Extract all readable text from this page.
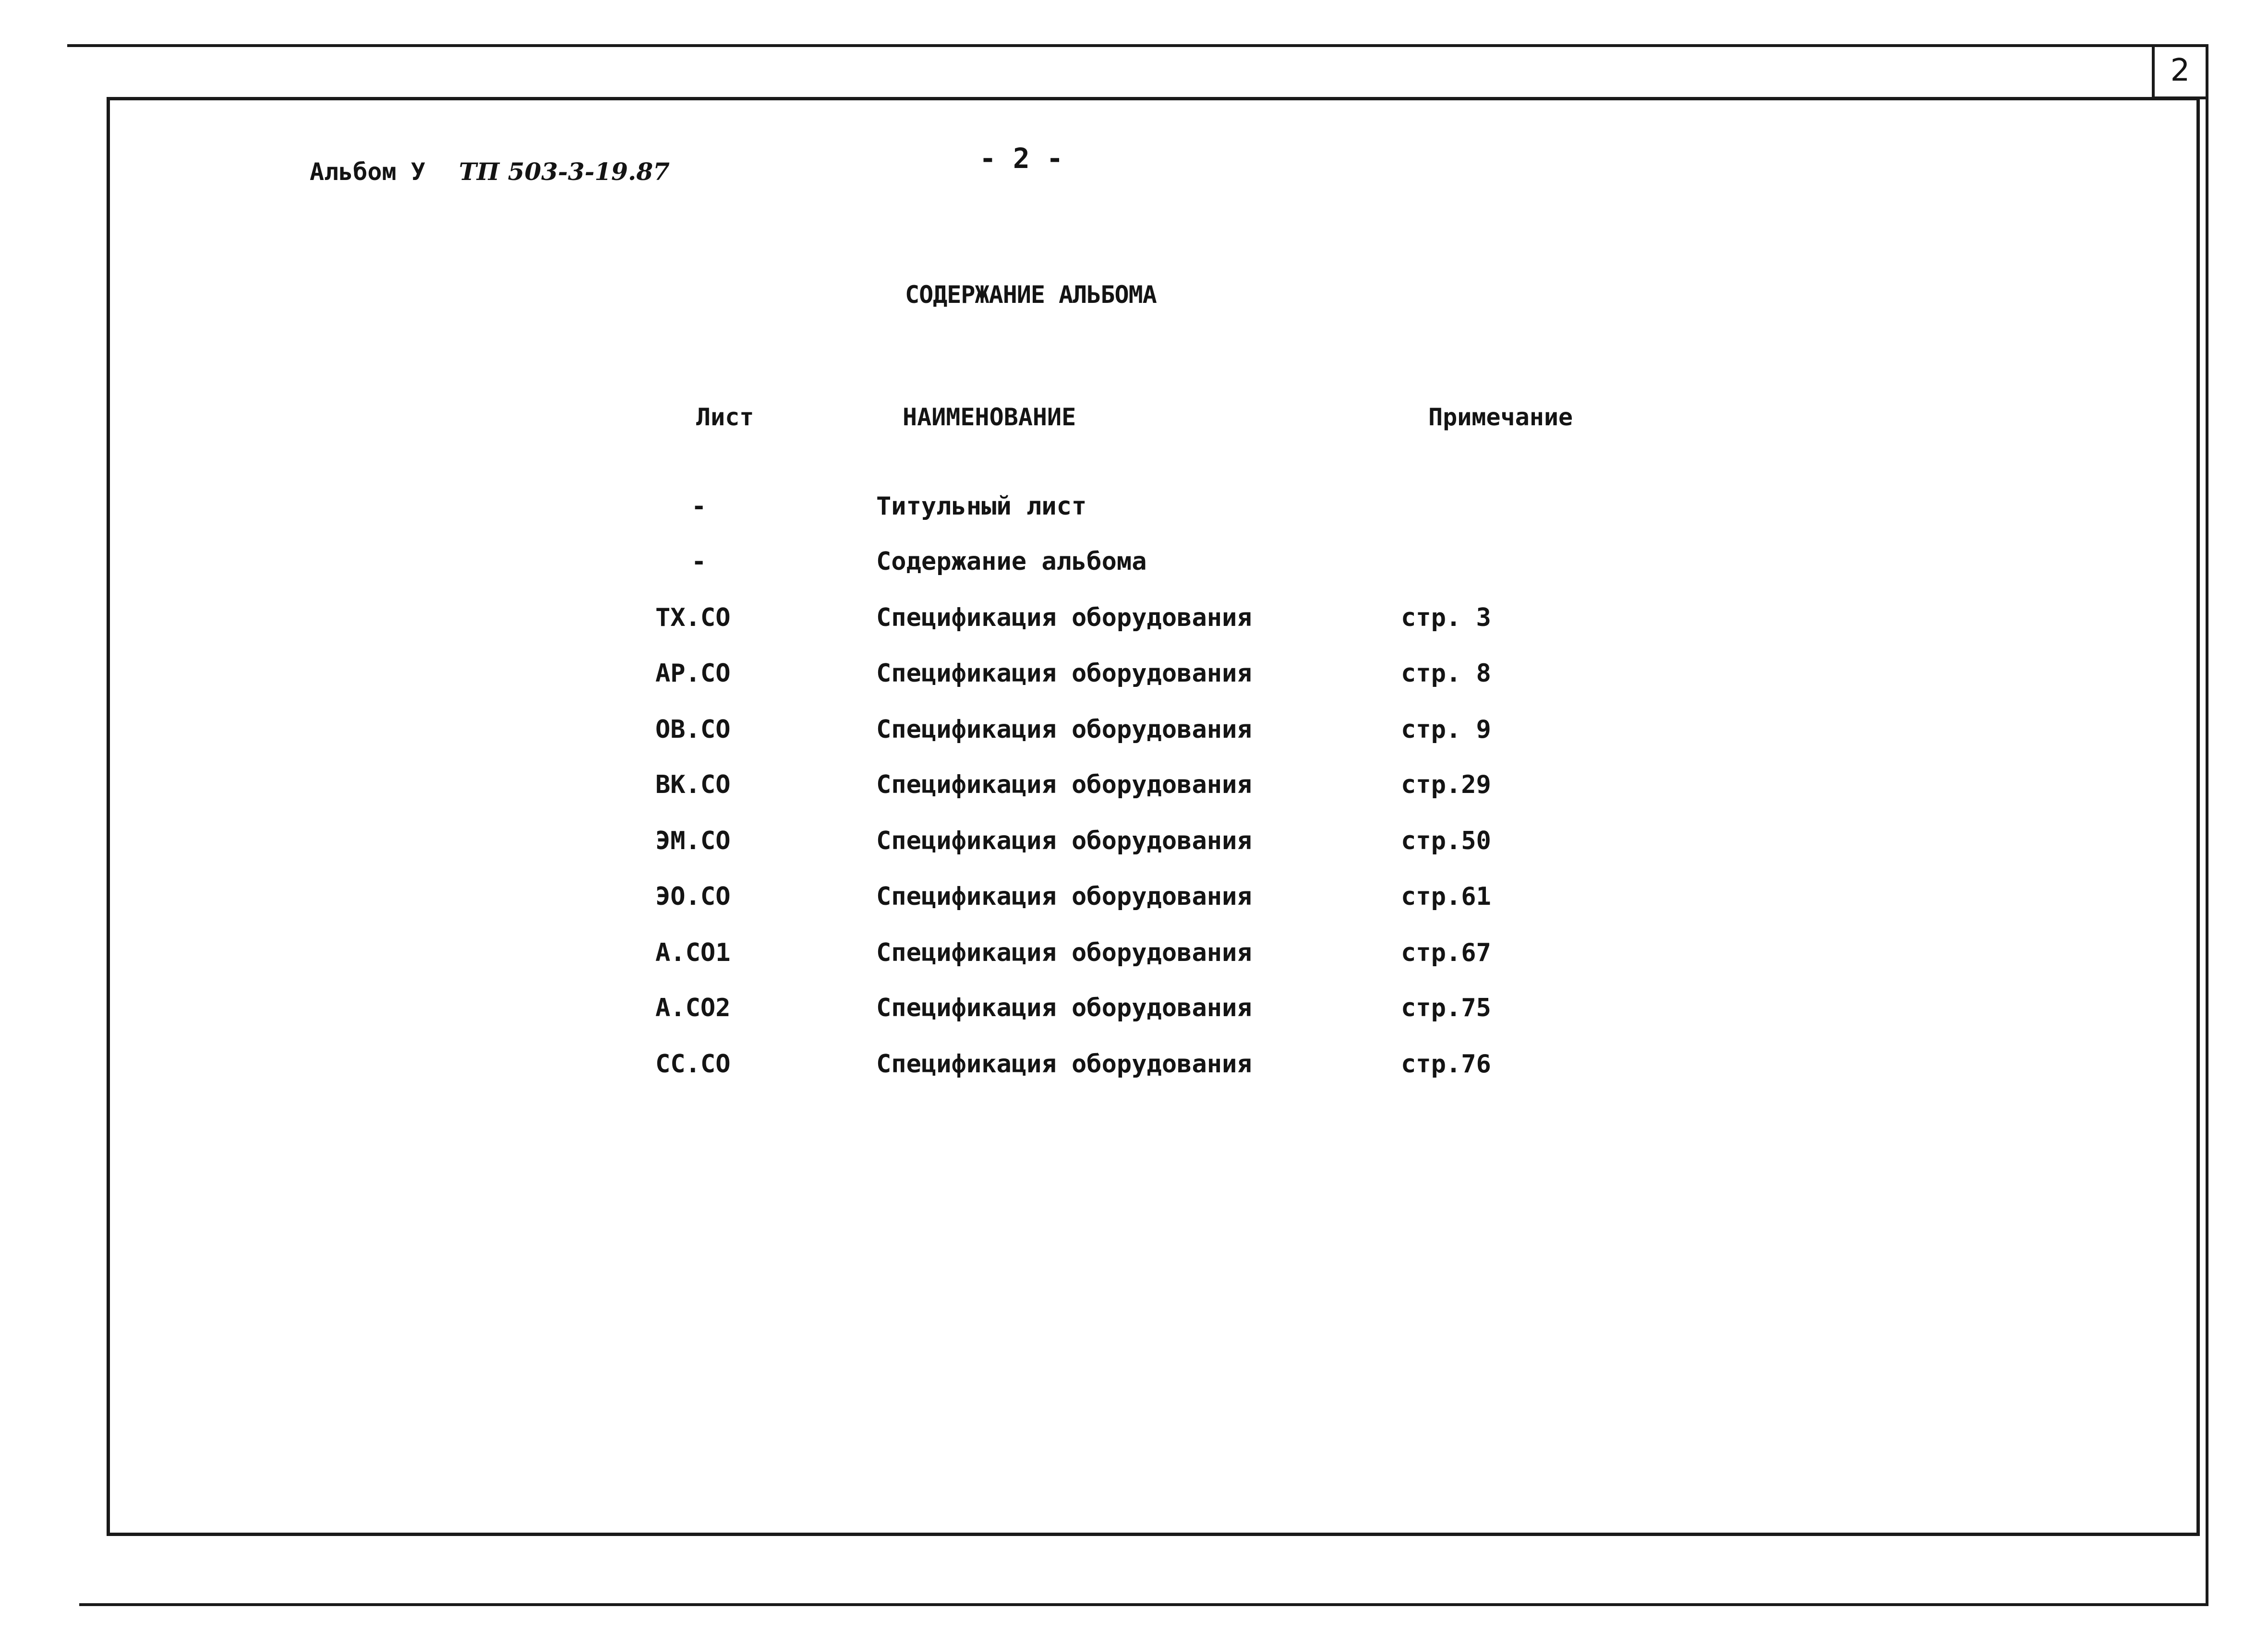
2
Альбом У ТП 503-3-19.87	- 2 -
СОДЕРЖАНИЕ АЛЬБОМА
Лист	НАИМЕНОВАНИЕ	Примечание
-	Титульный лист
-	Содержание альбома
ТХ.СО	Спецификация оборудования	стр. 3
АР.СО	Спецификация оборудования	стр. 8
ОВ.СО	Спецификация оборудования	стр. 9
ВК.СО	Спецификация оборудования	стр.29
ЭМ.СО	Спецификация оборудования	стр.50
ЭО.СО	Спецификация оборудования	стр.61
А.СО1	Спецификация оборудования	стр.67
А.СО2	Спецификация оборудования	стр.75
СС.СО	Спецификация оборудования	стр.76
